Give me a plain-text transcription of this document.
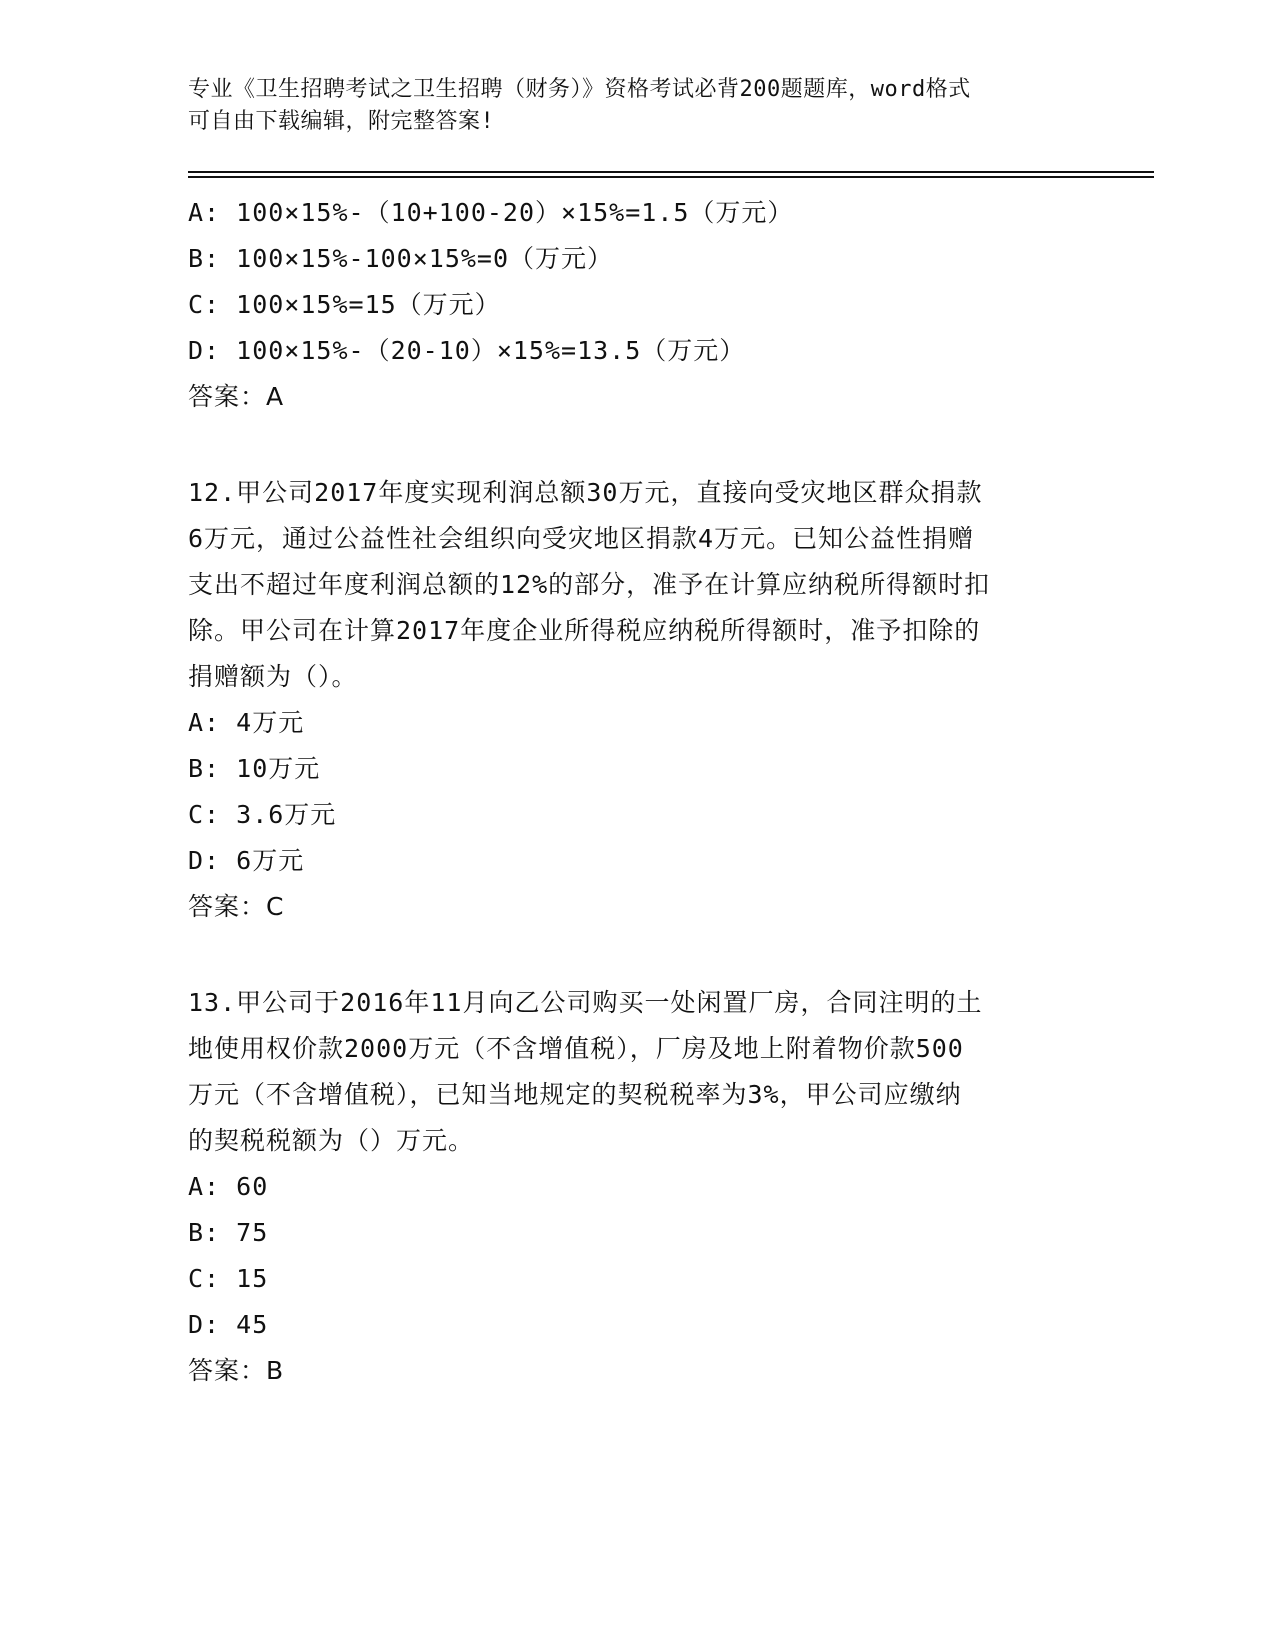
专业《卫生招聘考试之卫生招聘（财务）》资格考试必背200题题库，word格式
可自由下载编辑，附完整答案!
A: 100×15%-（10+100-20）×15%=1.5（万元）
B: 100×15%-100×15%=0（万元）
C: 100×15%=15（万元）
D: 100×15%-（20-10）×15%=13.5（万元）
答案：A
12.甲公司2017年度实现利润总额30万元，直接向受灾地区群众捐款
6万元，通过公益性社会组织向受灾地区捐款4万元。已知公益性捐赠
支出不超过年度利润总额的12%的部分，准予在计算应纳税所得额时扣
除。甲公司在计算2017年度企业所得税应纳税所得额时，准予扣除的
捐赠额为（）。
A: 4万元
B: 10万元
C: 3.6万元
D: 6万元
答案：C
13.甲公司于2016年11月向乙公司购买一处闲置厂房，合同注明的土
地使用权价款2000万元（不含增值税），厂房及地上附着物价款500
万元（不含增值税），已知当地规定的契税税率为3%，甲公司应缴纳
的契税税额为（）万元。
A: 60
B: 75
C: 15
D: 45
答案：B
